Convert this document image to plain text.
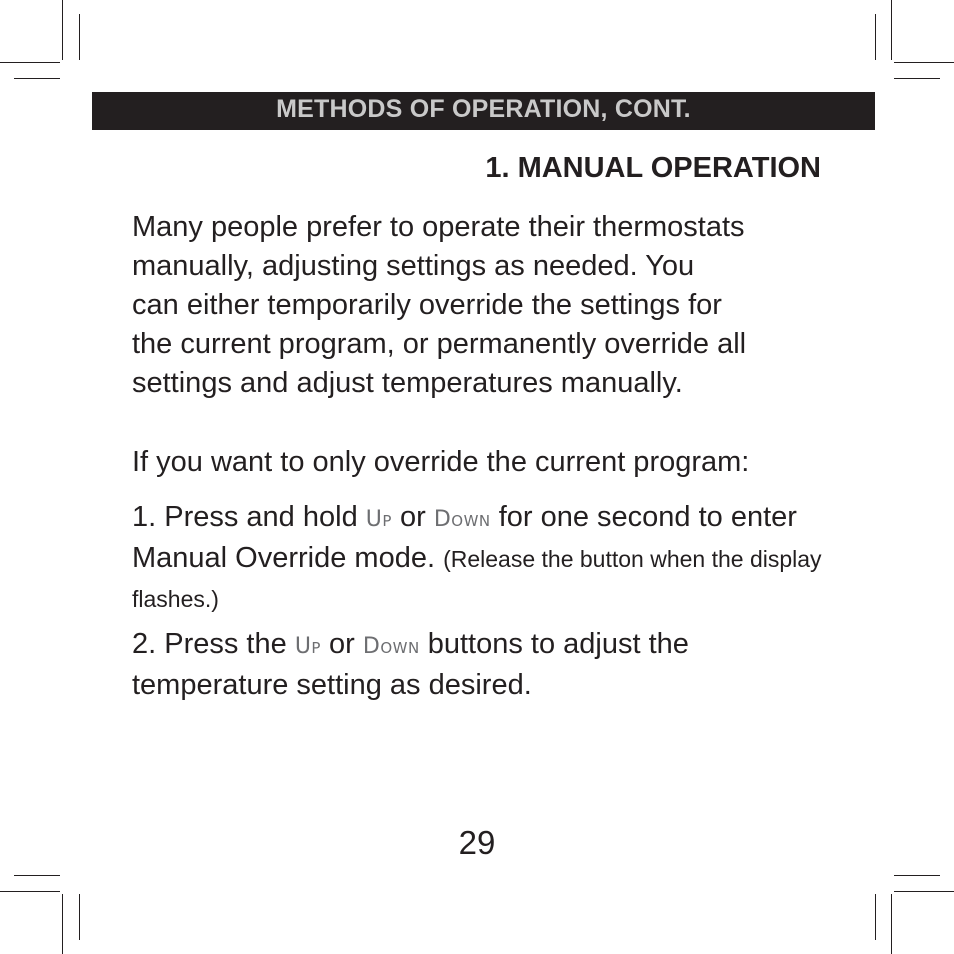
METHODS OF OPERATION, CONT.
1. MANUAL OPERATION
Many people prefer to operate their thermostats
manually, adjusting settings as needed. You
can either temporarily override the settings for
the current program, or permanently override all
settings and adjust temperatures manually.
If you want to only override the current program:
1. Press and hold Up or Down for one second to enter Manual Override mode. (Release the button when the display flashes.)
2. Press the Up or Down buttons to adjust the temperature setting as desired.
29
